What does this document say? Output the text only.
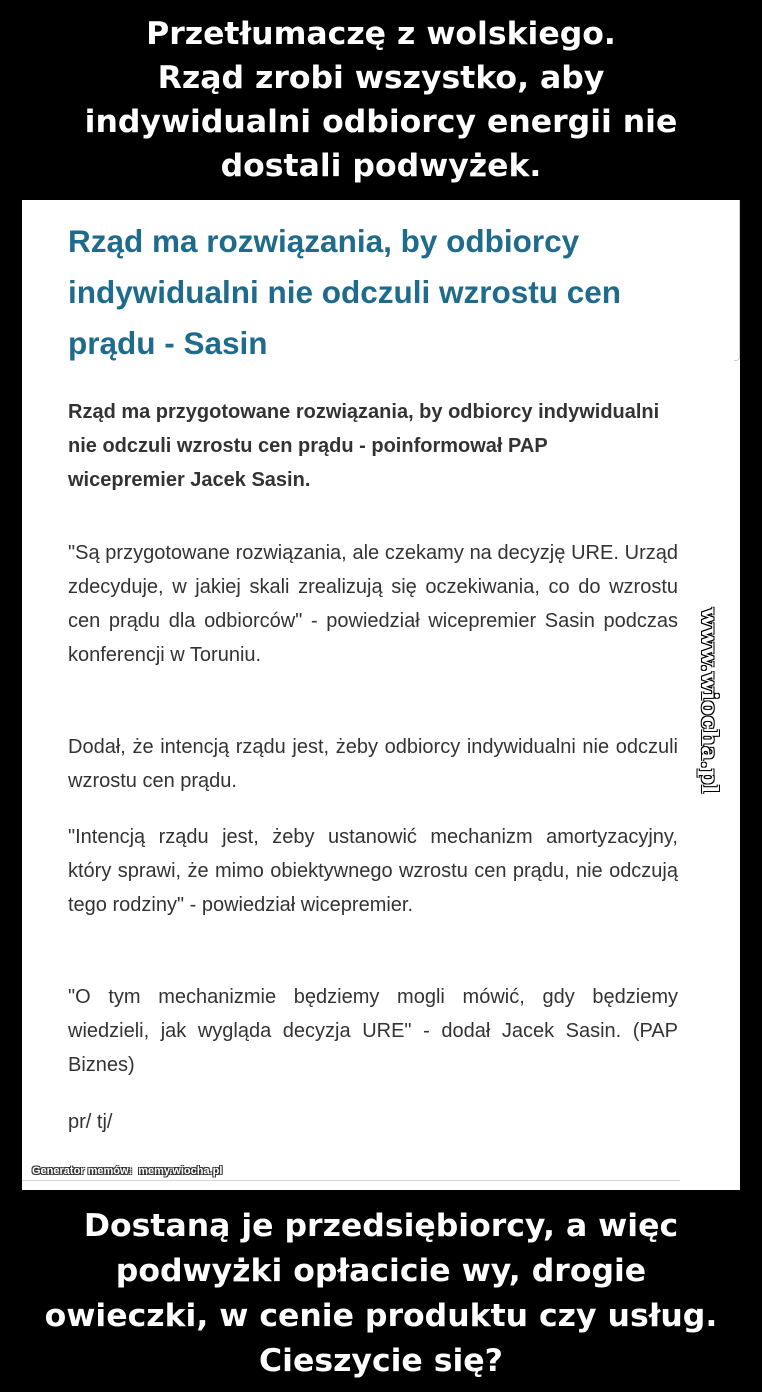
Przetłumaczę z wolskiego.
Rząd zrobi wszystko, aby
indywidualni odbiorcy energii nie
dostali podwyżek.
Rząd ma rozwiązania, by odbiorcy indywidualni nie odczuli wzrostu cen prądu - Sasin
Rząd ma przygotowane rozwiązania, by odbiorcy indywidualni nie odczuli wzrostu cen prądu - poinformował PAP wicepremier Jacek Sasin.
"Są przygotowane rozwiązania, ale czekamy na decyzję URE. Urząd zdecyduje, w jakiej skali zrealizują się oczekiwania, co do wzrostu cen prądu dla odbiorców" - powiedział wicepremier Sasin podczas konferencji w Toruniu.
Dodał, że intencją rządu jest, żeby odbiorcy indywidualni nie odczuli wzrostu cen prądu.
"Intencją rządu jest, żeby ustanowić mechanizm amortyzacyjny, który sprawi, że mimo obiektywnego wzrostu cen prądu, nie odczują tego rodziny" - powiedział wicepremier.
"O tym mechanizmie będziemy mogli mówić, gdy będziemy wiedzieli, jak wygląda decyzja URE" - dodał Jacek Sasin. (PAP Biznes)
pr/ tj/
Generator memów: memy.wiocha.pl
www.wiocha.pl
Dostaną je przedsiębiorcy, a więc
podwyżki opłacicie wy, drogie
owieczki, w cenie produktu czy usług.
Cieszycie się?
